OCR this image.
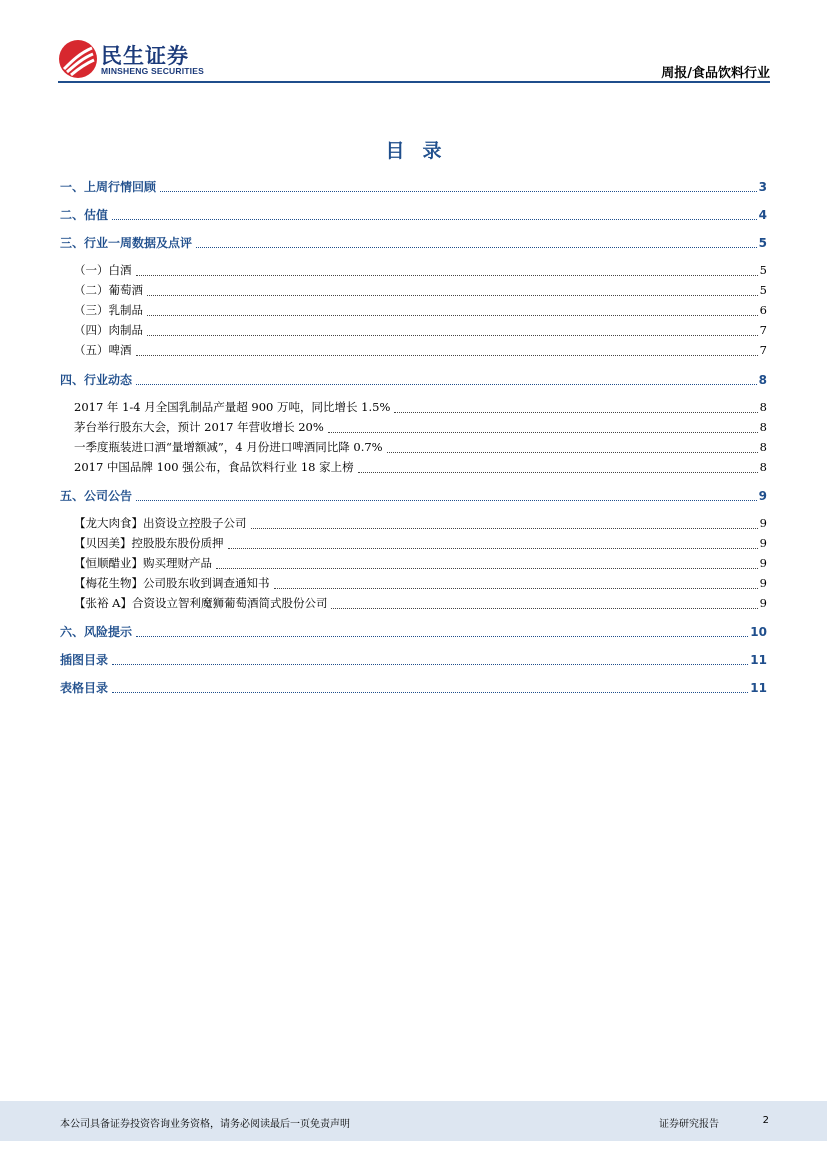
民生证券
MINSHENG SECURITIES	周报/食品饮料行业
目录
一、上周行情回顾	3
二、估值	4
三、行业一周数据及点评	5
（一）白酒	5
（二）葡萄酒	5
（三）乳制品	6
（四）肉制品	7
（五）啤酒	7
四、行业动态	8
2017 年 1-4 月全国乳制品产量超 900 万吨，同比增长 1.5%	8
茅台举行股东大会，预计 2017 年营收增长 20%	8
一季度瓶装进口酒“量增额减”，4 月份进口啤酒同比降 0.7%	8
2017 中国品牌 100 强公布，食品饮料行业 18 家上榜	8
五、公司公告	9
【龙大肉食】出资设立控股子公司	9
【贝因美】控股股东股份质押	9
【恒顺醋业】购买理财产品	9
【梅花生物】公司股东收到调查通知书	9
【张裕 A】合资设立智利魔狮葡萄酒简式股份公司	9
六、风险提示	10
插图目录	11
表格目录	11
本公司具备证券投资咨询业务资格，请务必阅读最后一页免责声明	证券研究报告	2
